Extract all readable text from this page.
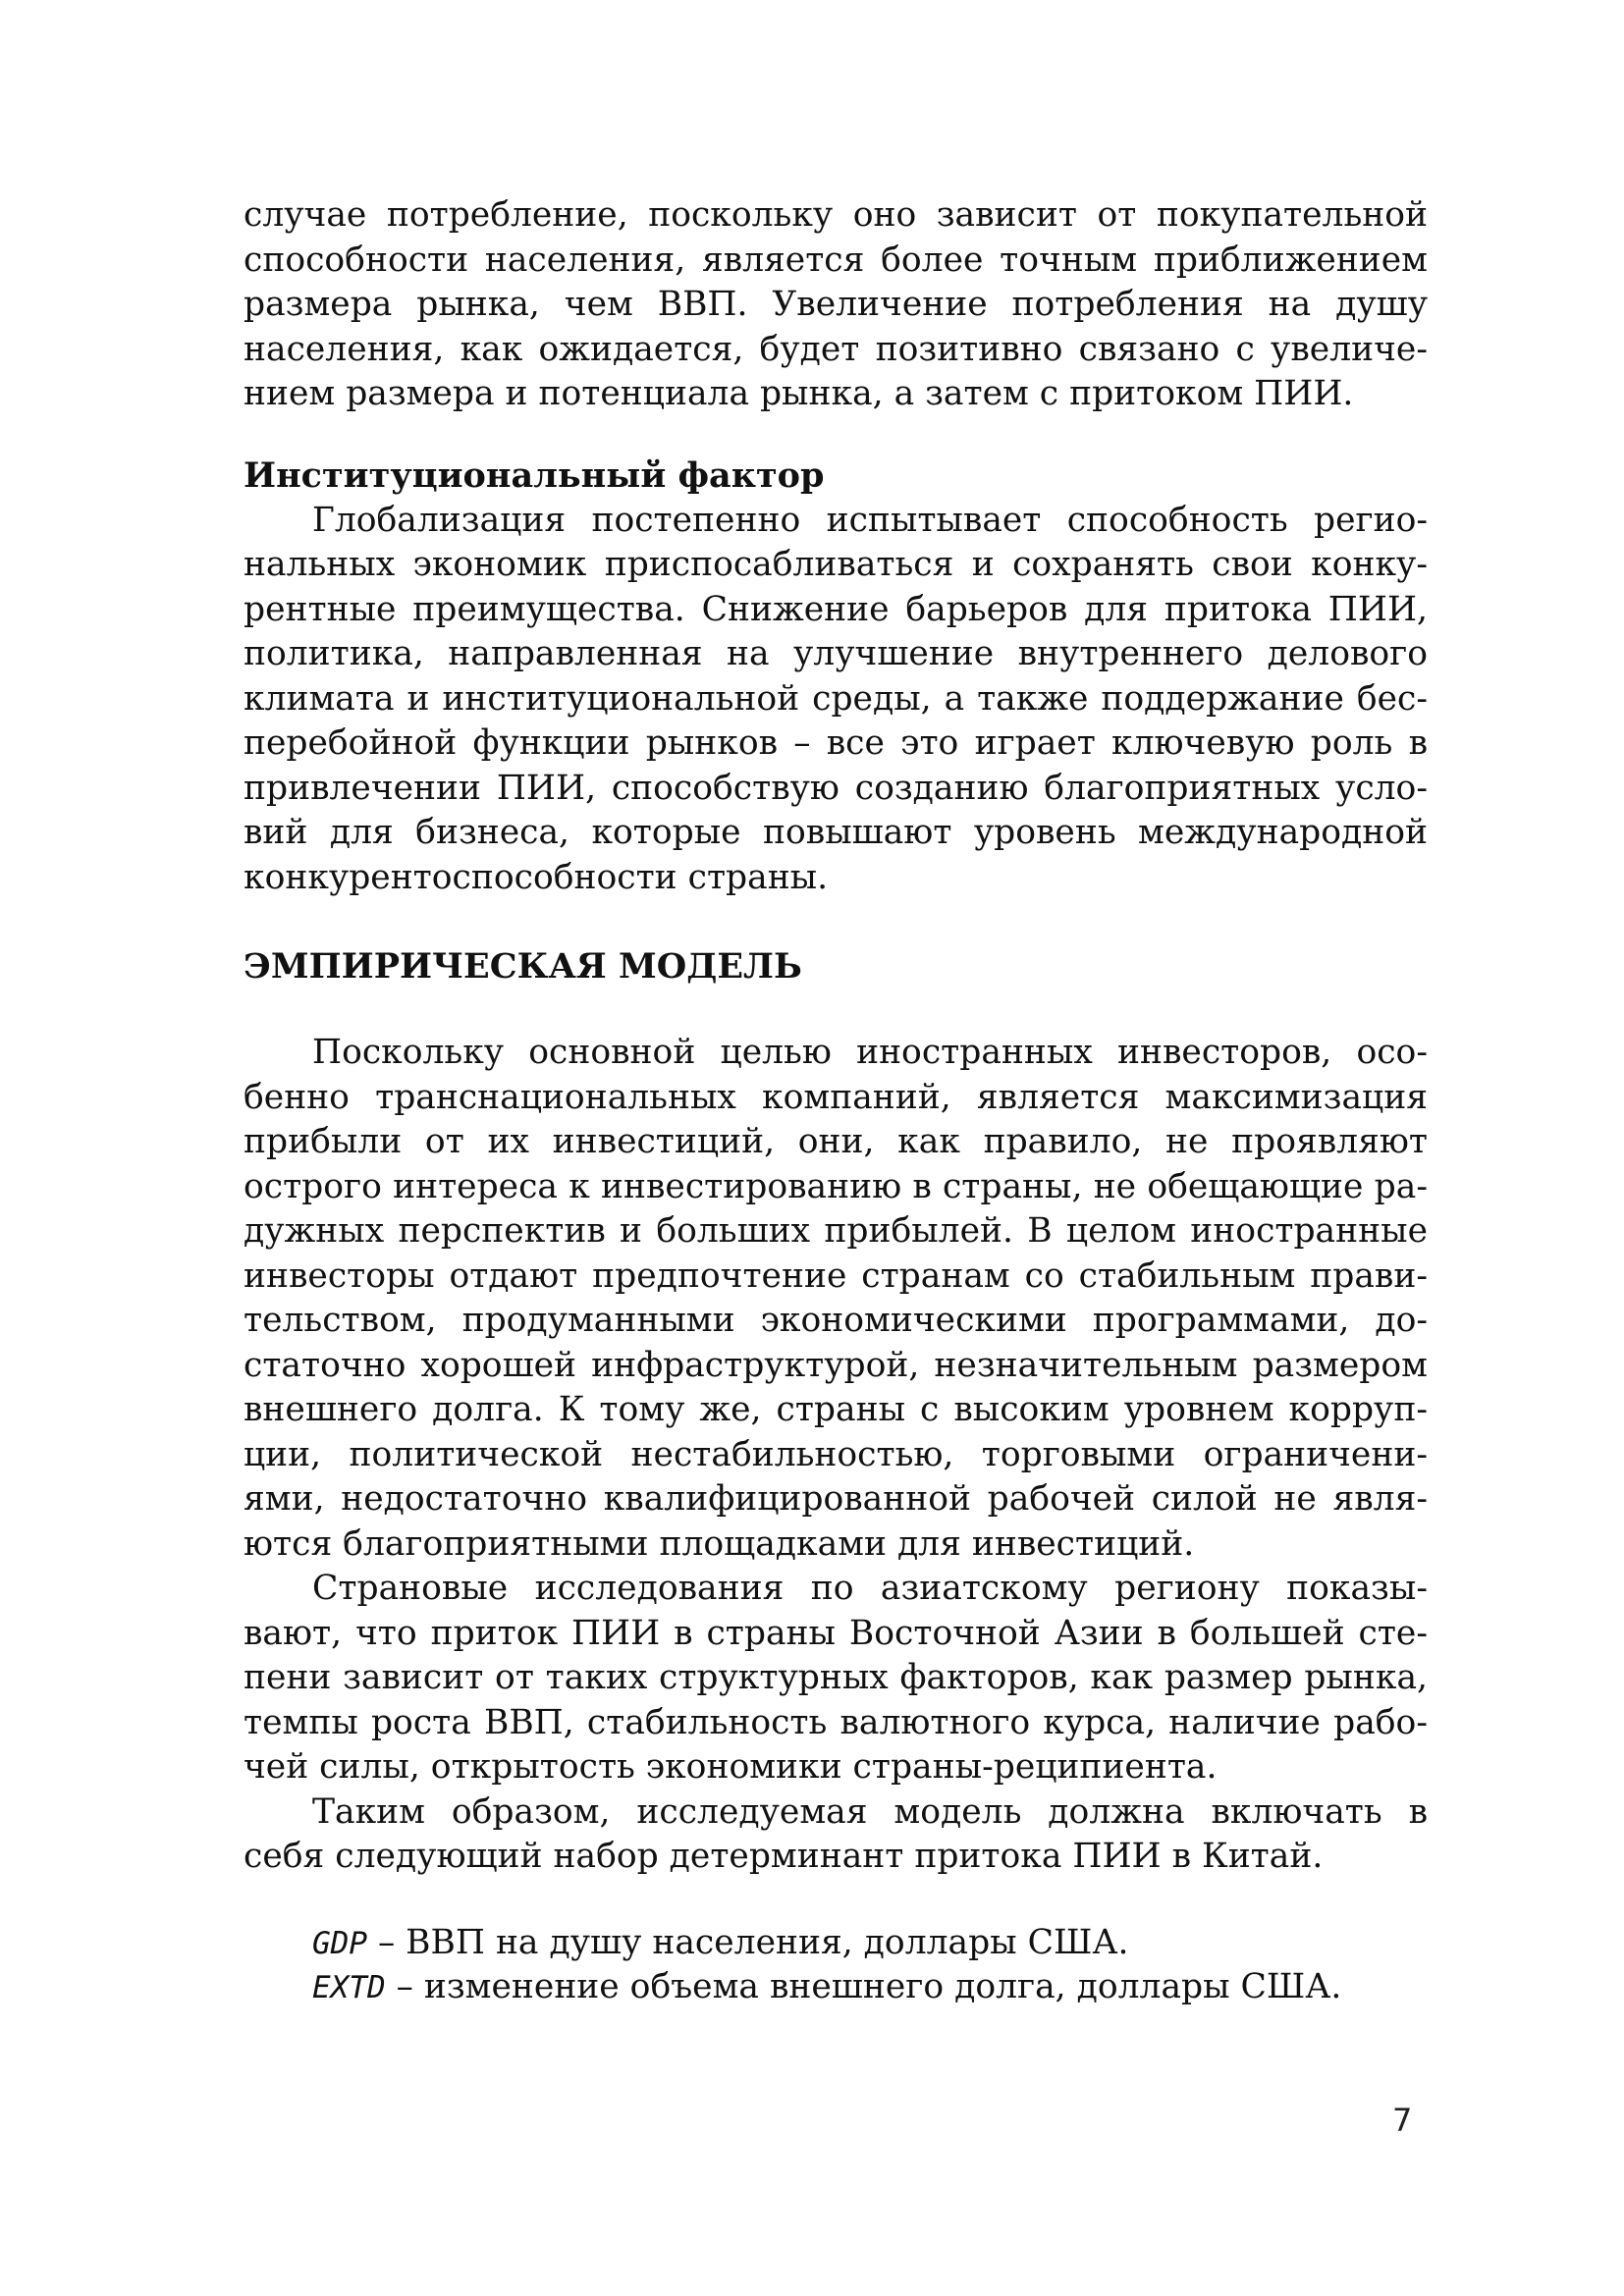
случае потребление, поскольку оно зависит от покупательной
способности населения, является более точным приближением
размера рынка, чем ВВП. Увеличение потребления на душу
населения, как ожидается, будет позитивно связано с увеличе-
нием размера и потенциала рынка, а затем с притоком ПИИ.
Институциональный фактор
Глобализация постепенно испытывает способность регио-
нальных экономик приспосабливаться и сохранять свои конку-
рентные преимущества. Снижение барьеров для притока ПИИ,
политика, направленная на улучшение внутреннего делового
климата и институциональной среды, а также поддержание бес-
перебойной функции рынков – все это играет ключевую роль в
привлечении ПИИ, способствую созданию благоприятных усло-
вий для бизнеса, которые повышают уровень международной
конкурентоспособности страны.
ЭМПИРИЧЕСКАЯ МОДЕЛЬ
Поскольку основной целью иностранных инвесторов, осо-
бенно транснациональных компаний, является максимизация
прибыли от их инвестиций, они, как правило, не проявляют
острого интереса к инвестированию в страны, не обещающие ра-
дужных перспектив и больших прибылей. В целом иностранные
инвесторы отдают предпочтение странам со стабильным прави-
тельством, продуманными экономическими программами, до-
статочно хорошей инфраструктурой, незначительным размером
внешнего долга. К тому же, страны с высоким уровнем корруп-
ции, политической нестабильностью, торговыми ограничени-
ями, недостаточно квалифицированной рабочей силой не явля-
ются благоприятными площадками для инвестиций.
Страновые исследования по азиатскому региону показы-
вают, что приток ПИИ в страны Восточной Азии в большей сте-
пени зависит от таких структурных факторов, как размер рынка,
темпы роста ВВП, стабильность валютного курса, наличие рабо-
чей силы, открытость экономики страны-реципиента.
Таким образом, исследуемая модель должна включать в
себя следующий набор детерминант притока ПИИ в Китай.
GDP – ВВП на душу населения, доллары США.
EXTD – изменение объема внешнего долга, доллары США.
7
